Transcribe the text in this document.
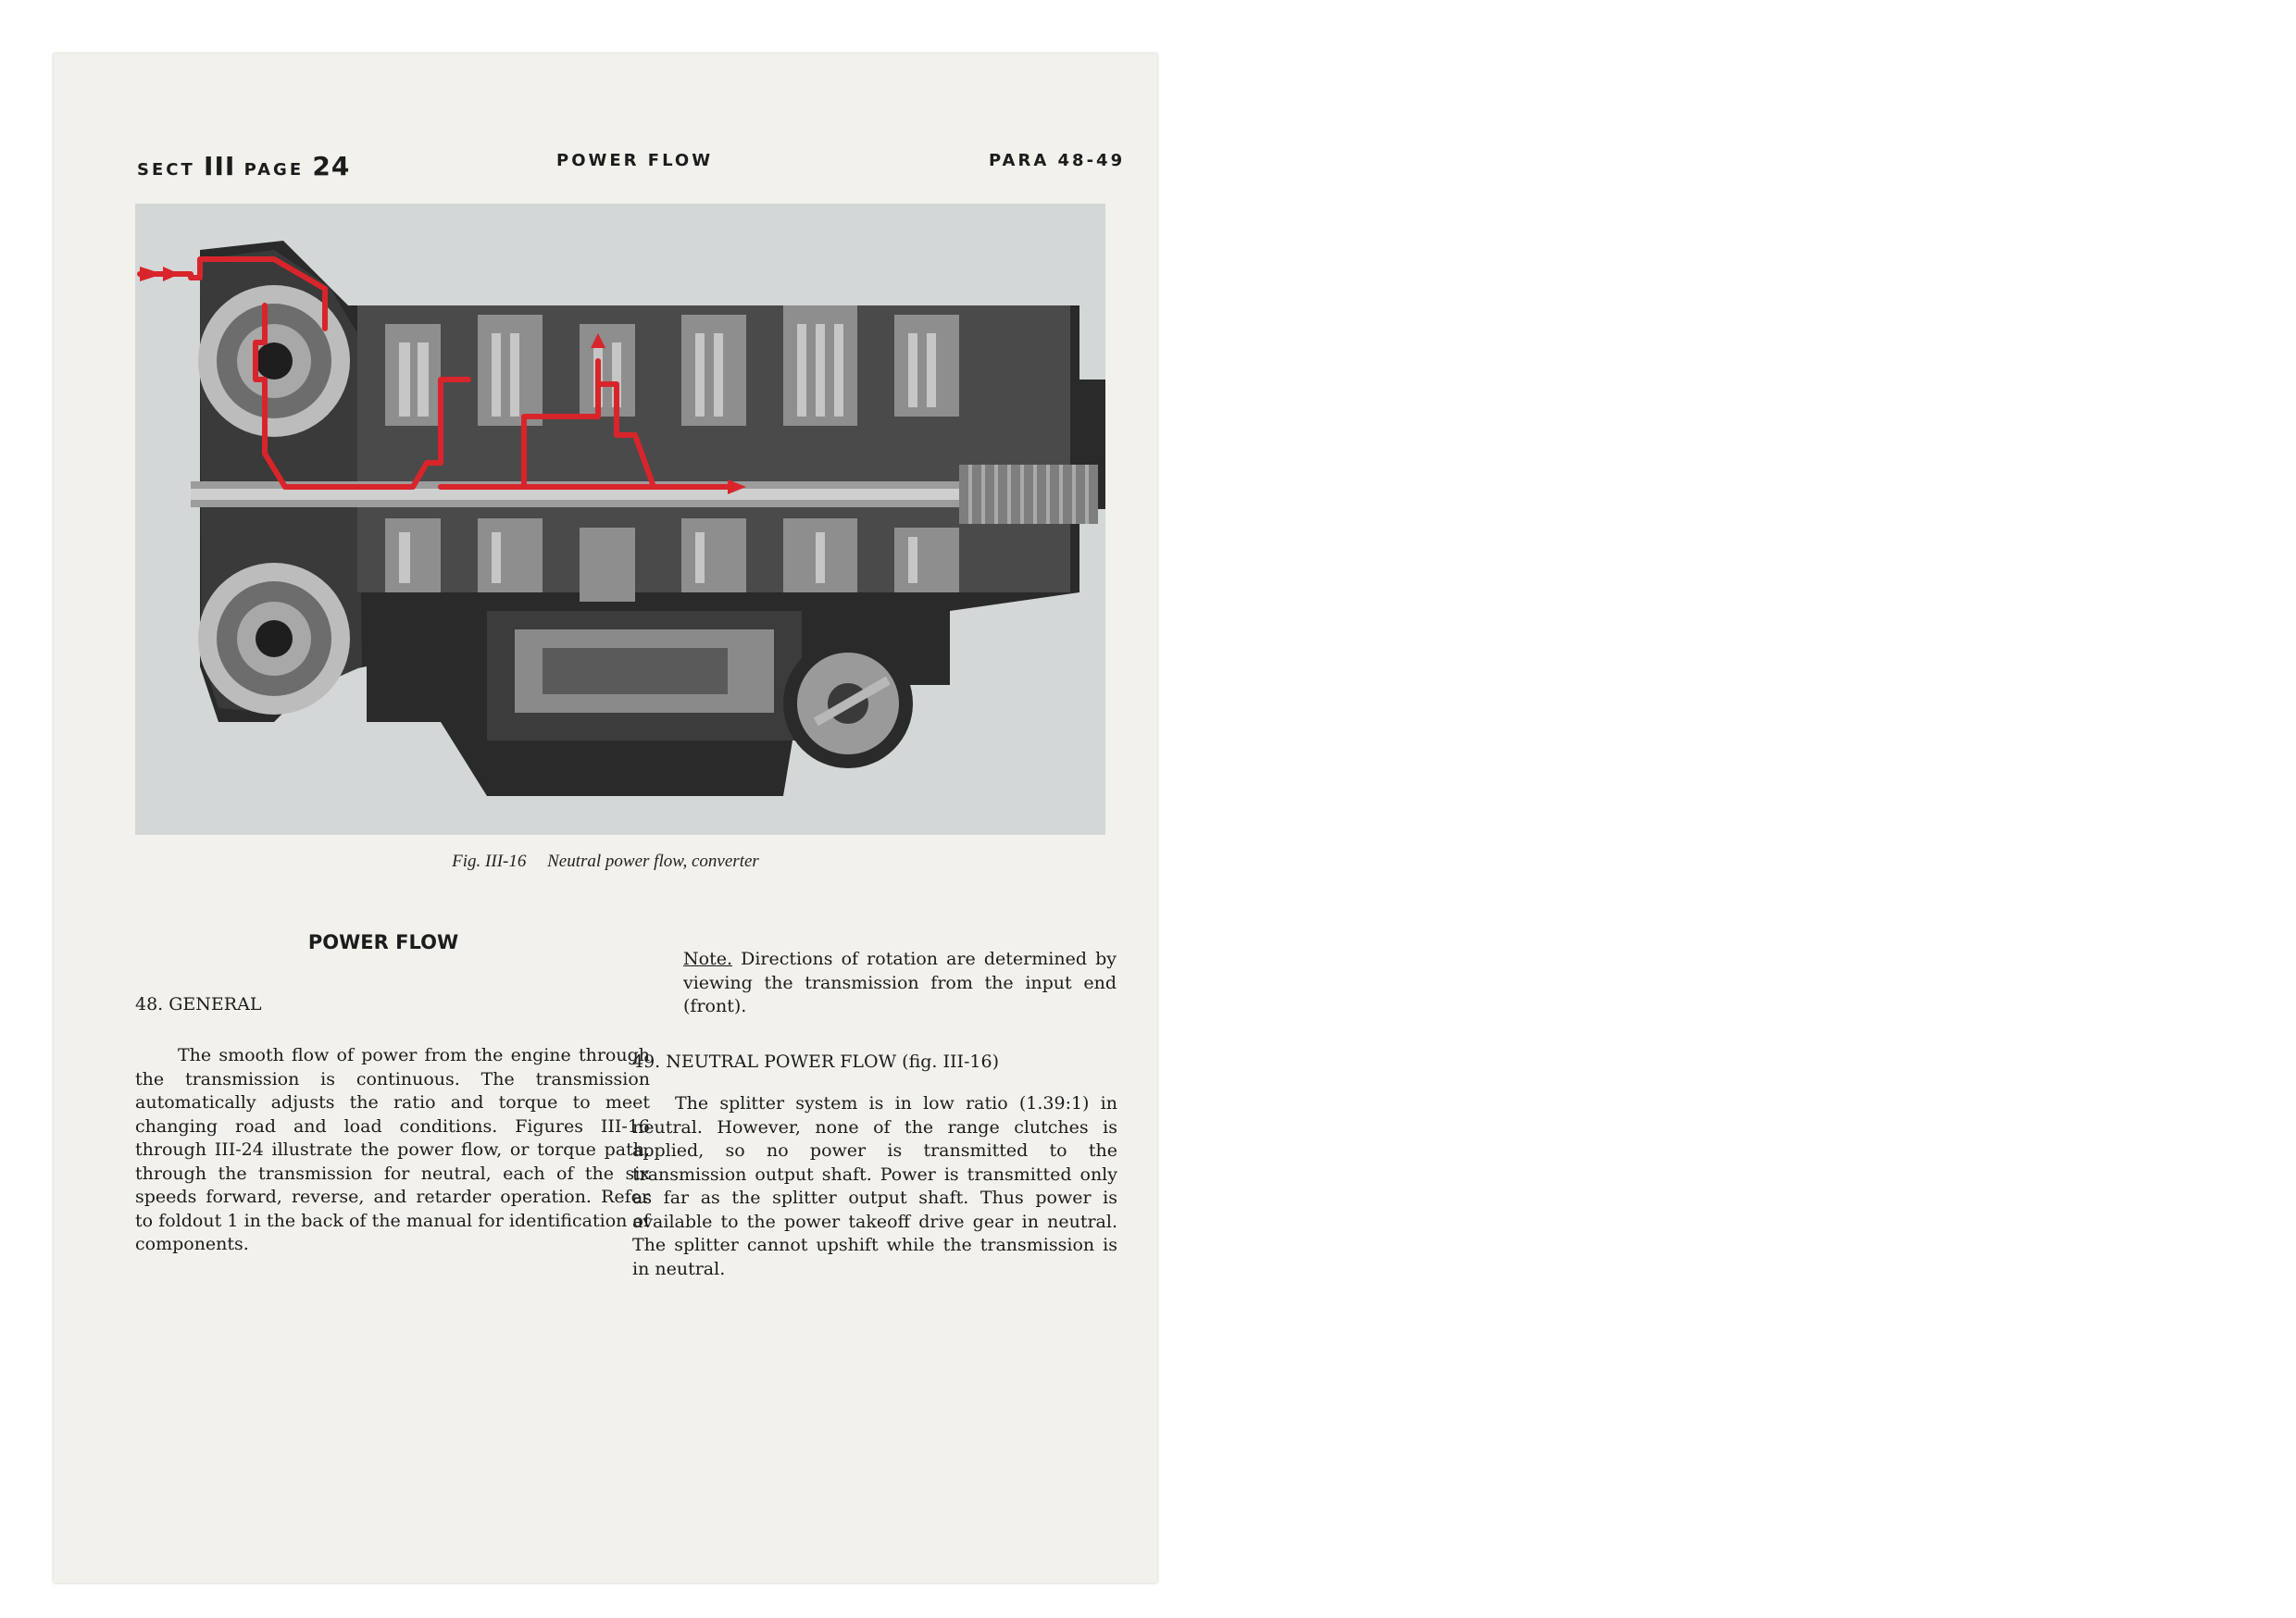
SECT III PAGE 24	POWER FLOW	PARA 48-49
Fig. III-16 Neutral power flow, converter
POWER FLOW
48. GENERAL
The smooth flow of power from the engine through the transmission is continuous. The transmission automatically adjusts the ratio and torque to meet changing road and load conditions. Figures III-16 through III-24 illustrate the power flow, or torque path, through the transmission for neutral, each of the six speeds forward, reverse, and retarder operation. Refer to foldout 1 in the back of the manual for identification of components.
Note. Directions of rotation are determined by viewing the transmission from the input end (front).
49. NEUTRAL POWER FLOW (fig. III-16)
The splitter system is in low ratio (1.39:1) in neutral. However, none of the range clutches is applied, so no power is transmitted to the transmission output shaft. Power is transmitted only as far as the splitter output shaft. Thus power is available to the power takeoff drive gear in neutral. The splitter cannot upshift while the transmission is in neutral.
